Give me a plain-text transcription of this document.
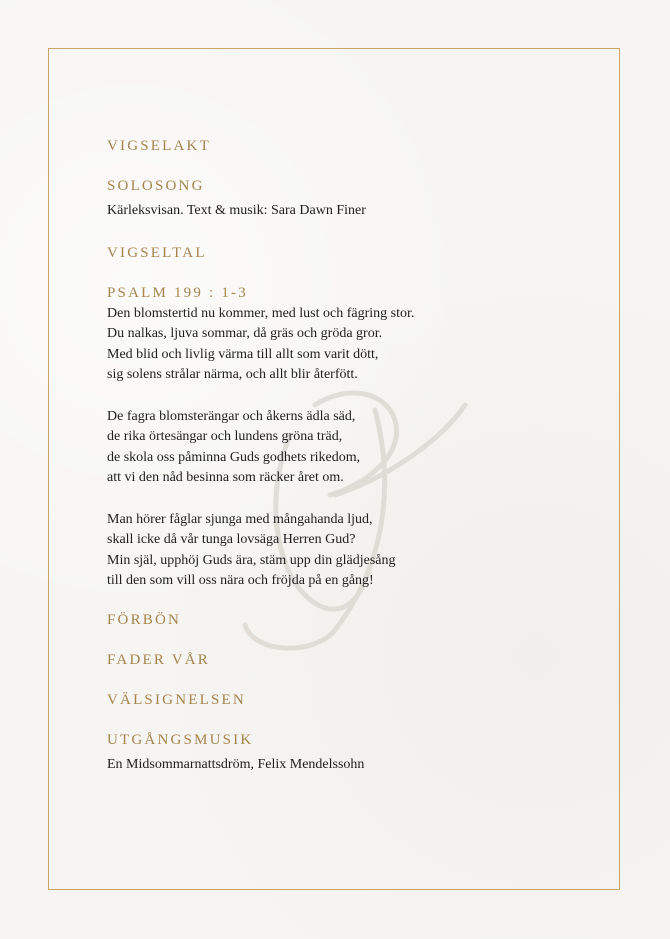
VIGSELAKT
SOLOSONG

Kärleksvisan. Text & musik: Sara Dawn Finer

VIGSELTAL
PSALM 199 : 1-3

Den blomstertid nu kommer, med lust och fägring stor.
Du nalkas, ljuva sommar, då gräs och gröda gror.
Med blid och livlig värma till allt som varit dött,
sig solens strålar närma, och allt blir återfött.

De fagra blomsterängar och åkerns ädla säd,
de rika örtesängar och lundens gröna träd,
de skola oss påminna Guds godhets rikedom,
att vi den nåd besinna som räcker året om.

Man hörer fåglar sjunga med mångahanda ljud,
skall icke då vår tunga lovsäga Herren Gud?
Min själ, upphöj Guds ära, stäm upp din glädjesång
till den som vill oss nära och fröjda på en gång!

FÖRBÖN
FADER VÅR
VÄLSIGNELSEN
UTGÅNGSMUSIK

En Midsommarnattsdröm, Felix Mendelssohn
